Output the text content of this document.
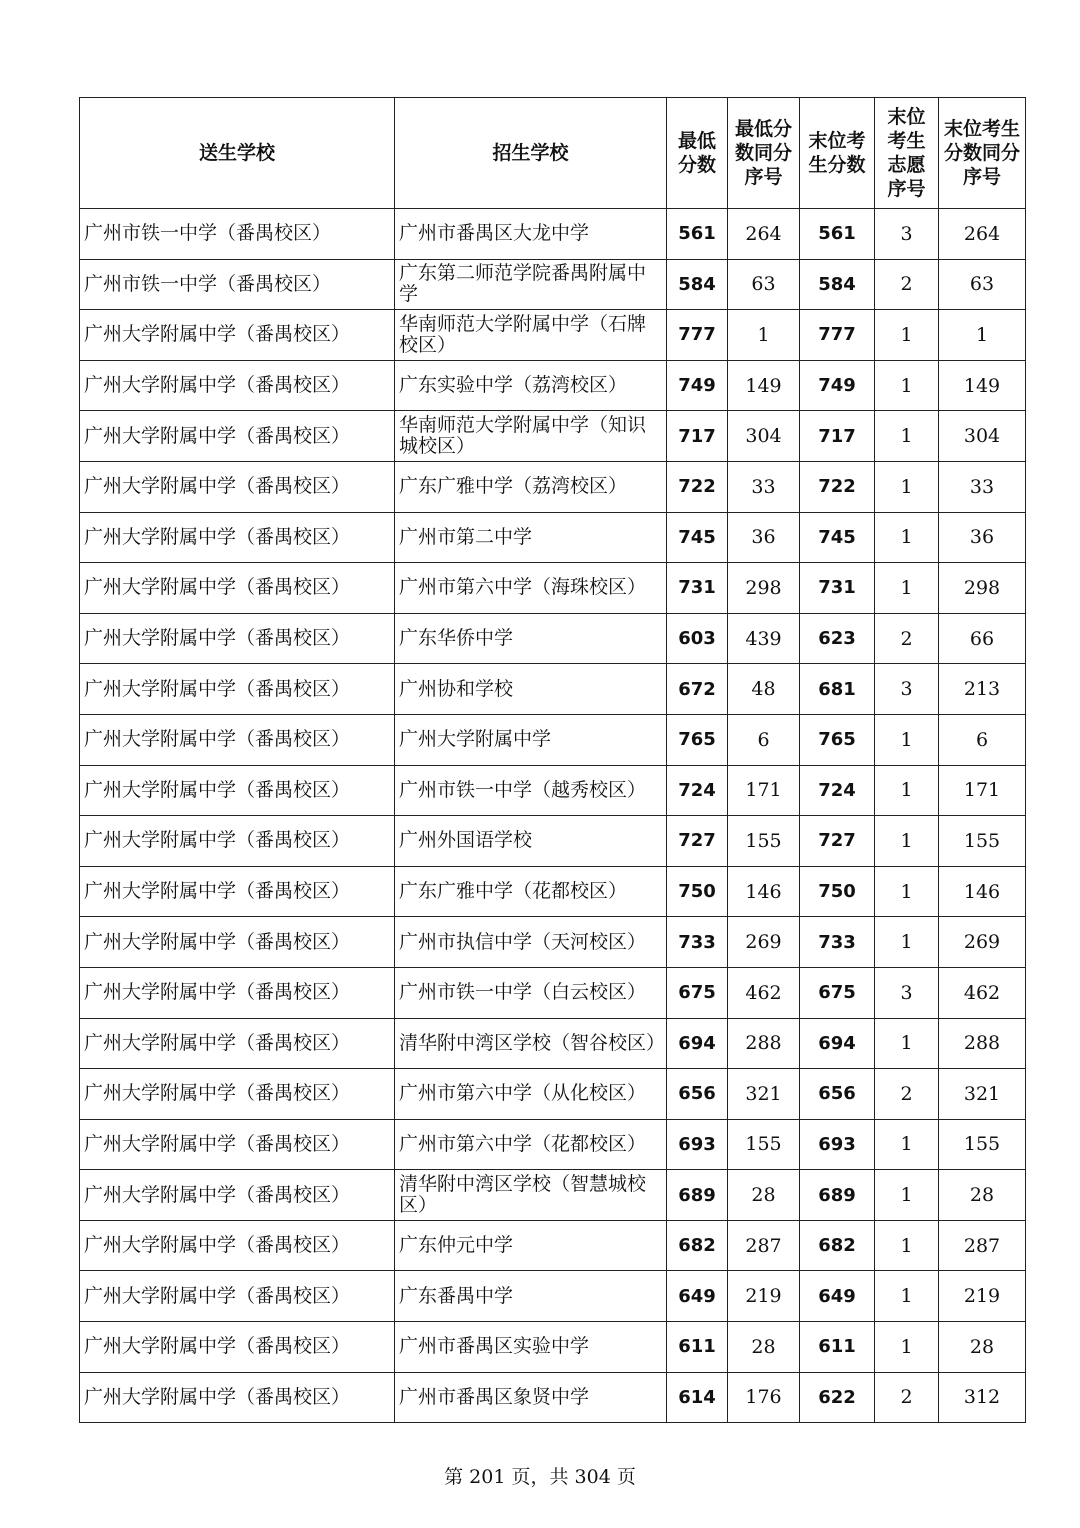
送生学校	招生学校	最低分数	最低分数同分序号	末位考生分数	末位考生志愿序号	末位考生分数同分序号
广州市铁一中学（番禺校区）	广州市番禺区大龙中学	561	264	561	3	264
广州市铁一中学（番禺校区）	广东第二师范学院番禺附属中学	584	63	584	2	63
广州大学附属中学（番禺校区）	华南师范大学附属中学（石牌校区）	777	1	777	1	1
广州大学附属中学（番禺校区）	广东实验中学（荔湾校区）	749	149	749	1	149
广州大学附属中学（番禺校区）	华南师范大学附属中学（知识城校区）	717	304	717	1	304
广州大学附属中学（番禺校区）	广东广雅中学（荔湾校区）	722	33	722	1	33
广州大学附属中学（番禺校区）	广州市第二中学	745	36	745	1	36
广州大学附属中学（番禺校区）	广州市第六中学（海珠校区）	731	298	731	1	298
广州大学附属中学（番禺校区）	广东华侨中学	603	439	623	2	66
广州大学附属中学（番禺校区）	广州协和学校	672	48	681	3	213
广州大学附属中学（番禺校区）	广州大学附属中学	765	6	765	1	6
广州大学附属中学（番禺校区）	广州市铁一中学（越秀校区）	724	171	724	1	171
广州大学附属中学（番禺校区）	广州外国语学校	727	155	727	1	155
广州大学附属中学（番禺校区）	广东广雅中学（花都校区）	750	146	750	1	146
广州大学附属中学（番禺校区）	广州市执信中学（天河校区）	733	269	733	1	269
广州大学附属中学（番禺校区）	广州市铁一中学（白云校区）	675	462	675	3	462
广州大学附属中学（番禺校区）	清华附中湾区学校（智谷校区）	694	288	694	1	288
广州大学附属中学（番禺校区）	广州市第六中学（从化校区）	656	321	656	2	321
广州大学附属中学（番禺校区）	广州市第六中学（花都校区）	693	155	693	1	155
广州大学附属中学（番禺校区）	清华附中湾区学校（智慧城校区）	689	28	689	1	28
广州大学附属中学（番禺校区）	广东仲元中学	682	287	682	1	287
广州大学附属中学（番禺校区）	广东番禺中学	649	219	649	1	219
广州大学附属中学（番禺校区）	广州市番禺区实验中学	611	28	611	1	28
广州大学附属中学（番禺校区）	广州市番禺区象贤中学	614	176	622	2	312
第 201 页，共 304 页
